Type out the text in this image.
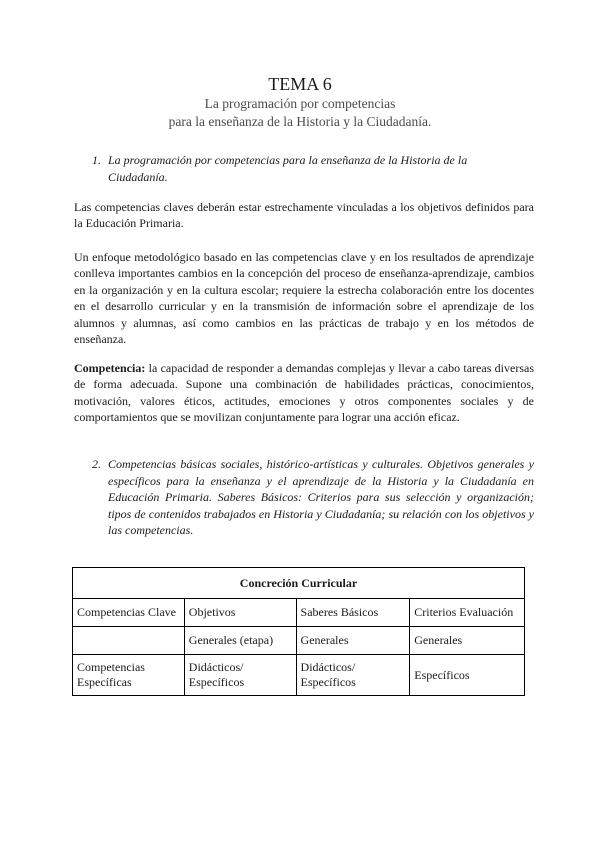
TEMA 6
La programación por competencias
para la enseñanza de la Historia y la Ciudadanía.
1. La programación por competencias para la enseñanza de la Historia de la
Ciudadanía.
Las competencias claves deberán estar estrechamente vinculadas a los objetivos definidos para la Educación Primaria.
Un enfoque metodológico basado en las competencias clave y en los resultados de aprendizaje conlleva importantes cambios en la concepción del proceso de enseñanza-aprendizaje, cambios en la organización y en la cultura escolar; requiere la estrecha colaboración entre los docentes en el desarrollo curricular y en la transmisión de información sobre el aprendizaje de los alumnos y alumnas, así como cambios en las prácticas de trabajo y en los métodos de enseñanza.
Competencia: la capacidad de responder a demandas complejas y llevar a cabo tareas diversas de forma adecuada. Supone una combinación de habilidades prácticas, conocimientos, motivación, valores éticos, actitudes, emociones y otros componentes sociales y de comportamientos que se movilizan conjuntamente para lograr una acción eficaz.
2. Competencias básicas sociales, histórico-artísticas y culturales. Objetivos generales y específicos para la enseñanza y el aprendizaje de la Historia y la Ciudadanía en Educación Primaria. Saberes Básicos: Criterios para sus selección y organización; tipos de contenidos trabajados en Historia y Ciudadanía; su relación con los objetivos y las competencias.
Concreción Curricular			
Competencias Clave	Objetivos	Saberes Básicos	Criterios Evaluación
	Generales (etapa)	Generales	Generales
Competencias Específicas	Didácticos/ Específicos	Didácticos/ Específicos	Específicos
